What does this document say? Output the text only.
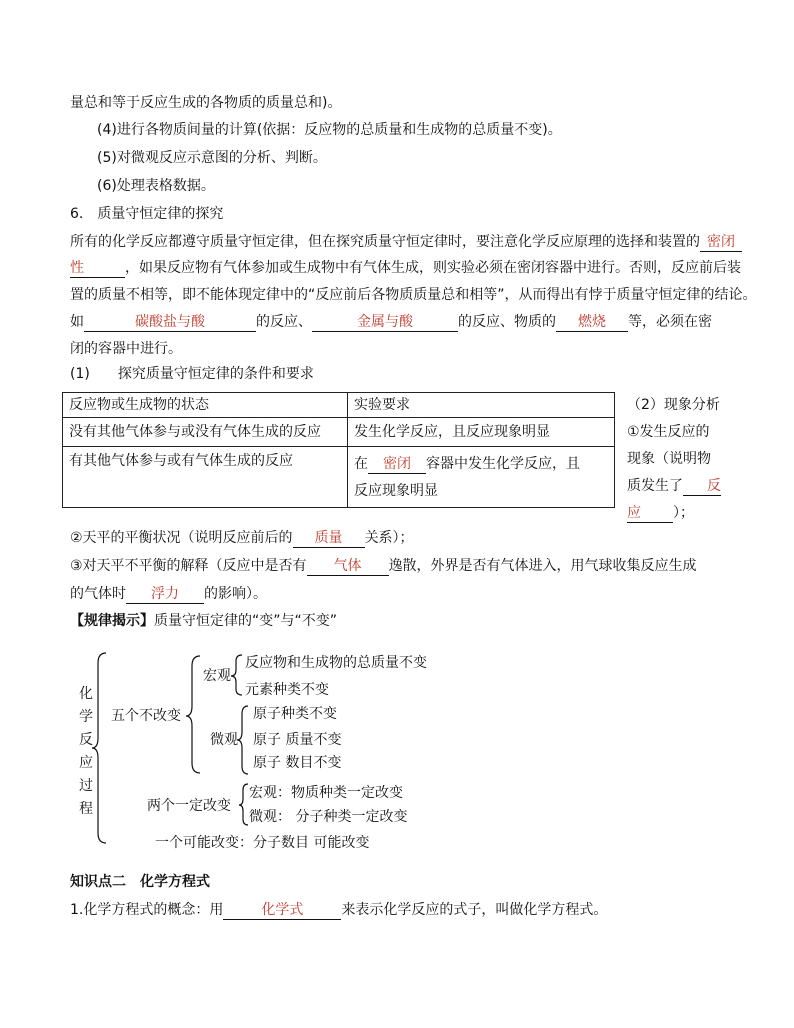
量总和等于反应生成的各物质的质量总和)。
(4)进行各物质间量的计算(依据：反应物的总质量和生成物的总质量不变)。
(5)对微观反应示意图的分析、判断。
(6)处理表格数据。
6.　质量守恒定律的探究
所有的化学反应都遵守质量守恒定律，但在探究质量守恒定律时，要注意化学反应原理的选择和装置的 密闭
性	，如果反应物有气体参加或生成物中有气体生成，则实验必须在密闭容器中进行。否则，反应前后装
置的质量不相等，即不能体现定律中的“反应前后各物质质量总和相等”，从而得出有悖于质量守恒定律的结论。
如	碳酸盐与酸	的反应、	金属与酸	的反应、物质的 燃烧 等，必须在密
闭的容器中进行。
(1)　　探究质量守恒定律的条件和要求
反应物或生成物的状态	实验要求
没有其他气体参与或没有气体生成的反应	发生化学反应，且反应现象明显
有其他气体参与或有气体生成的反应	在 密闭 容器中发生化学反应，且
反应现象明显
（2）现象分析
①发生反应的
现象（说明物
质发生了 反
应 ）；
②天平的平衡状况（说明反应前后的 质量 关系）；
③对天平不平衡的解释（反应中是否有 气体 逸散，外界是否有气体进入，用气球收集反应生成
的气体时 浮力 的影响）。
【规律揭示】质量守恒定律的“变”与“不变”
化
学
反
应
过
程
五个不改变
宏观
反应物和生成物的总质量不变
元素种类不变
微观
原子种类不变
原子 质量不变
原子 数目不变
两个一定改变
宏观：物质种类一定改变
微观： 分子种类一定改变
一个可能改变：分子数目 可能改变
知识点二　化学方程式
1.化学方程式的概念：用	化学式	来表示化学反应的式子，叫做化学方程式。
